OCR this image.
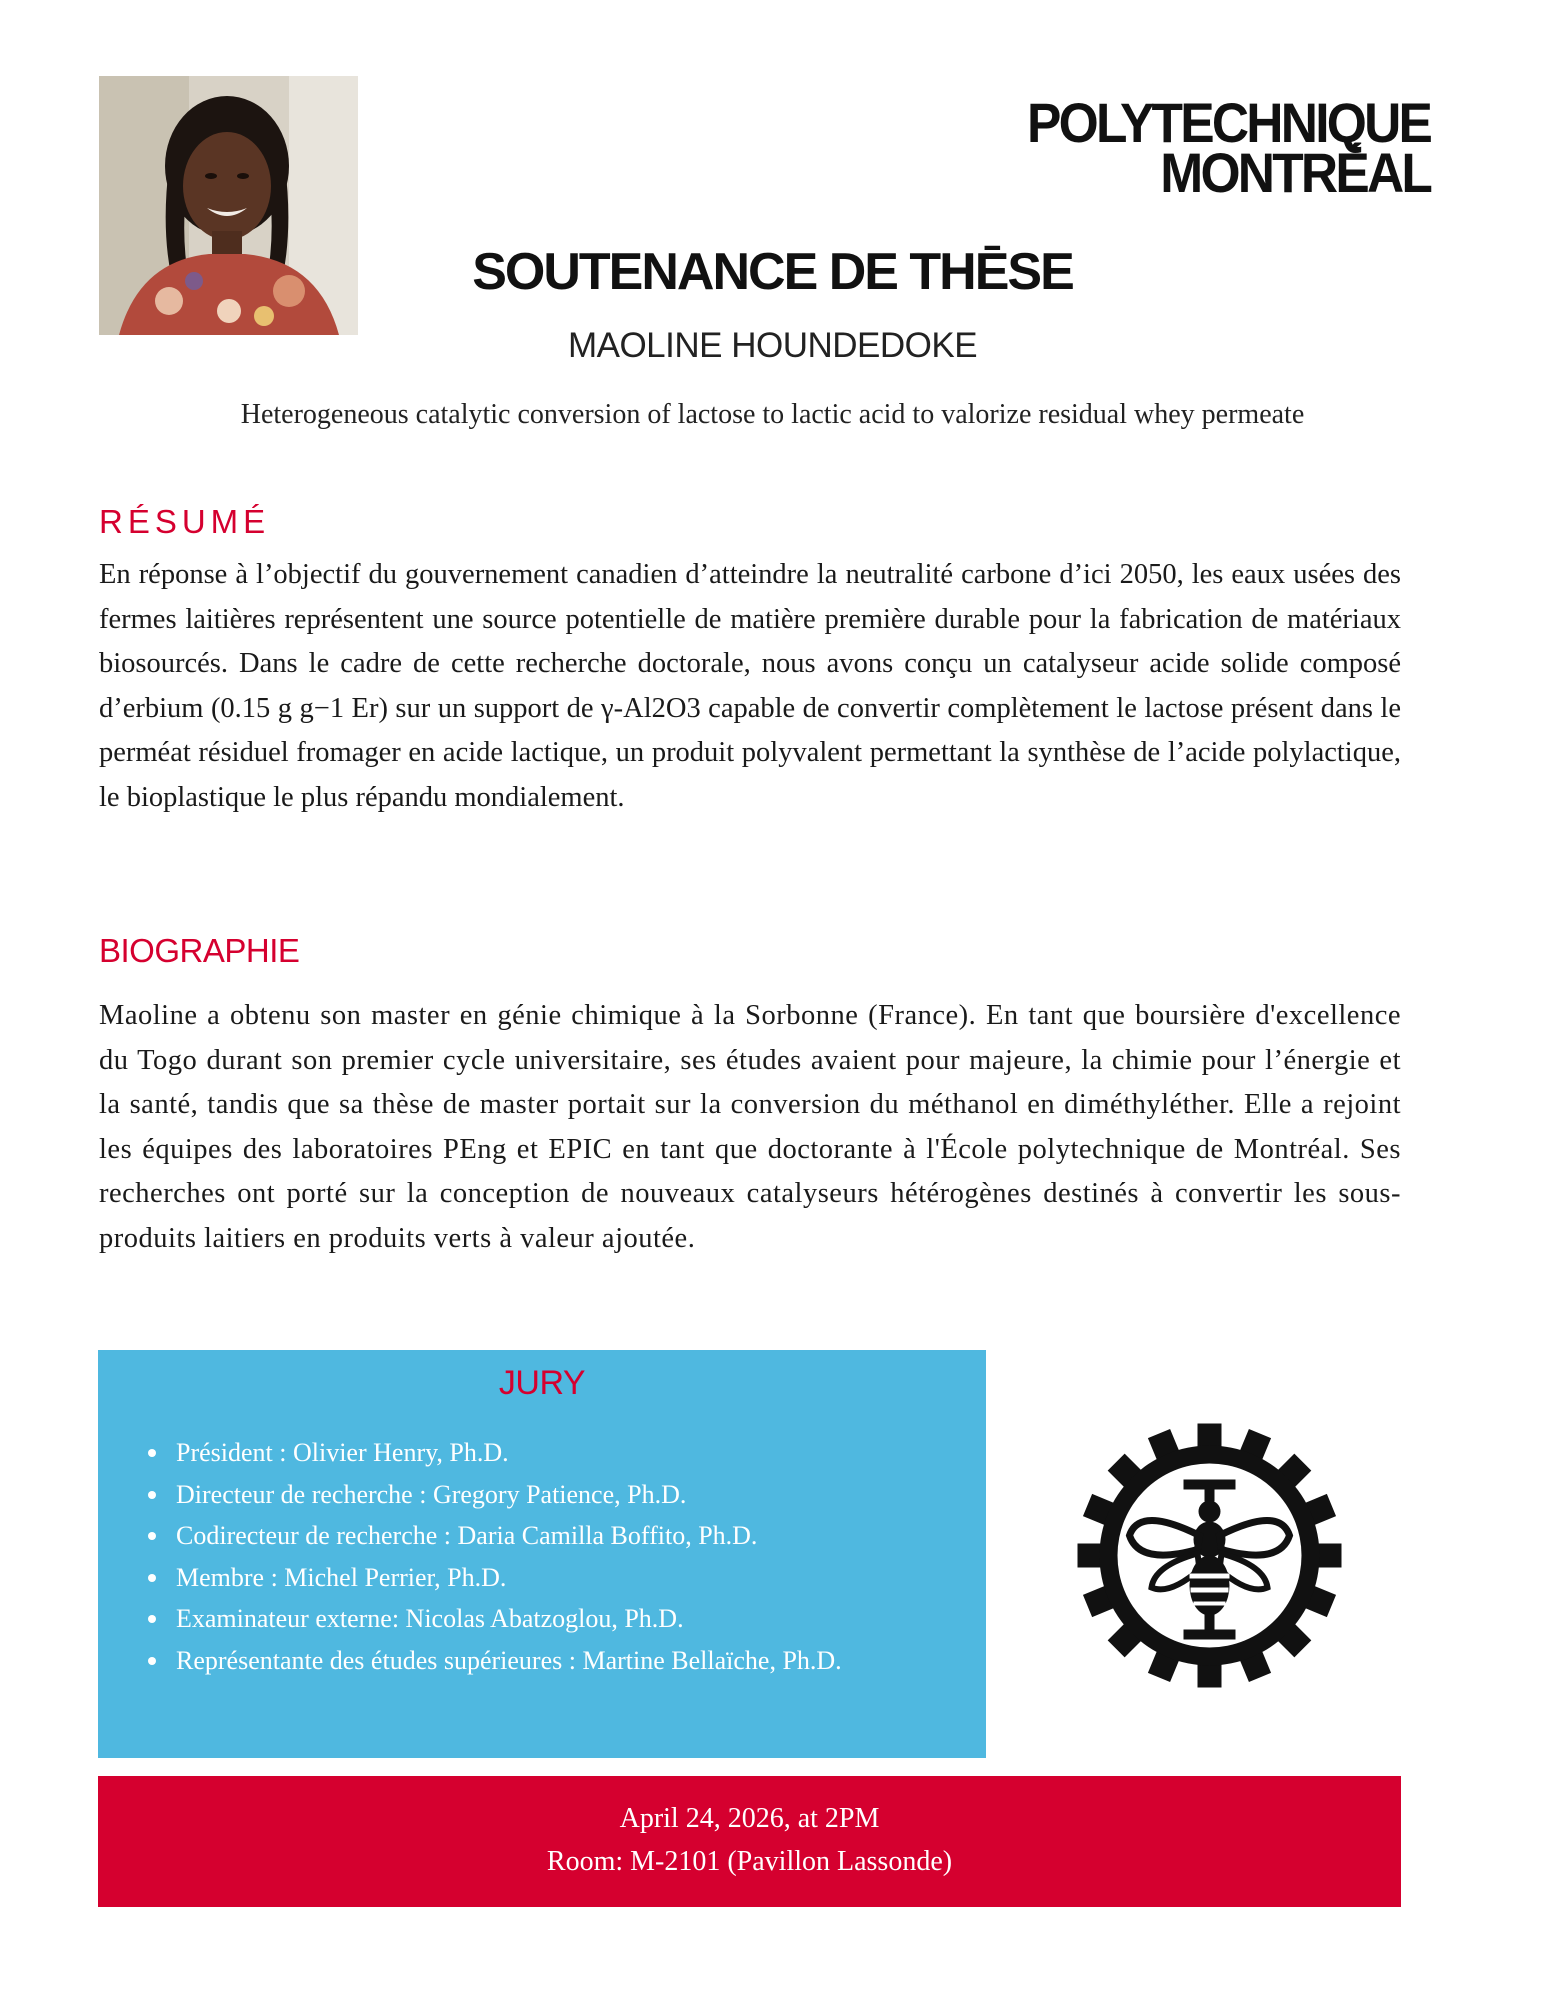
POLYTECHNIQUE
MONTRÉAL
SOUTENANCE DE THĒSE
MAOLINE HOUNDEDOKE
Heterogeneous catalytic conversion of lactose to lactic acid to valorize residual whey permeate
RÉSUMÉ

En réponse à l’objectif du gouvernement canadien d’atteindre la neutralité carbone d’ici 2050, les eaux usées des fermes laitières représentent une source potentielle de matière première durable pour la fabrication de matériaux biosourcés. Dans le cadre de cette recherche doctorale, nous avons conçu un catalyseur acide solide composé d’erbium (0.15 g g−1 Er) sur un support de γ-Al2O3 capable de convertir complètement le lactose présent dans le perméat résiduel fromager en acide lactique, un produit polyvalent permettant la synthèse de l’acide polylactique, le bioplastique le plus répandu mondialement.

BIOGRAPHIE

Maoline a obtenu son master en génie chimique à la Sorbonne (France). En tant que boursière d'excellence du Togo durant son premier cycle universitaire, ses études avaient pour majeure, la chimie pour l’énergie et la santé, tandis que sa thèse de master portait sur la conversion du méthanol en diméthyléther. Elle a rejoint les équipes des laboratoires PEng et EPIC en tant que doctorante à l'École polytechnique de Montréal. Ses recherches ont porté sur la conception de nouveaux catalyseurs hétérogènes destinés à convertir les sous-produits laitiers en produits verts à valeur ajoutée.

JURY
Président : Olivier Henry, Ph.D.
Directeur de recherche : Gregory Patience, Ph.D.
Codirecteur de recherche : Daria Camilla Boffito, Ph.D.
Membre : Michel Perrier, Ph.D.
Examinateur externe: Nicolas Abatzoglou, Ph.D.
Représentante des études supérieures : Martine Bellaïche, Ph.D.
April 24, 2026, at 2PM
Room: M-2101 (Pavillon Lassonde)
